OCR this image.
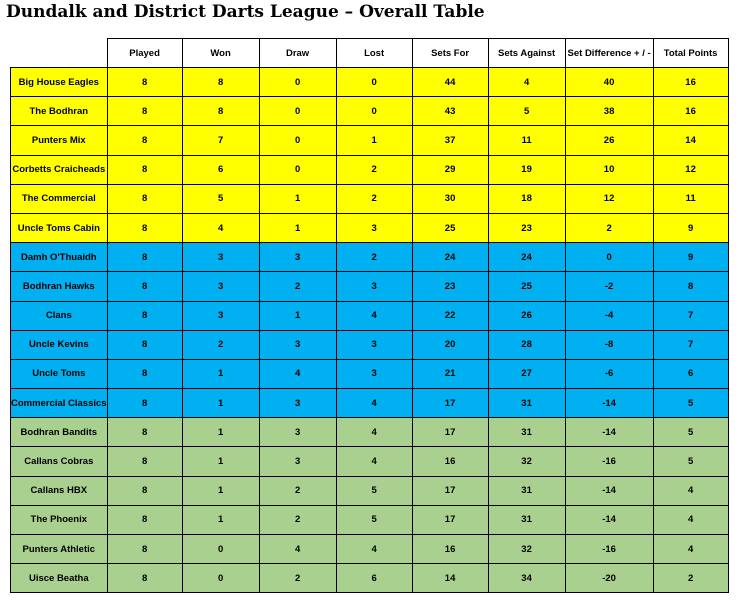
Dundalk and District Darts League – Overall Table
	Played	Won	Draw	Lost	Sets For	Sets Against	Set Difference + / -	Total Points
Big House Eagles	8	8	0	0	44	4	40	16
The Bodhran	8	8	0	0	43	5	38	16
Punters Mix	8	7	0	1	37	11	26	14
Corbetts Craicheads	8	6	0	2	29	19	10	12
The Commercial	8	5	1	2	30	18	12	11
Uncle Toms Cabin	8	4	1	3	25	23	2	9
Damh O'Thuaidh	8	3	3	2	24	24	0	9
Bodhran Hawks	8	3	2	3	23	25	-2	8
Clans	8	3	1	4	22	26	-4	7
Uncle Kevins	8	2	3	3	20	28	-8	7
Uncle Toms	8	1	4	3	21	27	-6	6
Commercial Classics	8	1	3	4	17	31	-14	5
Bodhran Bandits	8	1	3	4	17	31	-14	5
Callans Cobras	8	1	3	4	16	32	-16	5
Callans HBX	8	1	2	5	17	31	-14	4
The Phoenix	8	1	2	5	17	31	-14	4
Punters Athletic	8	0	4	4	16	32	-16	4
Uisce Beatha	8	0	2	6	14	34	-20	2
